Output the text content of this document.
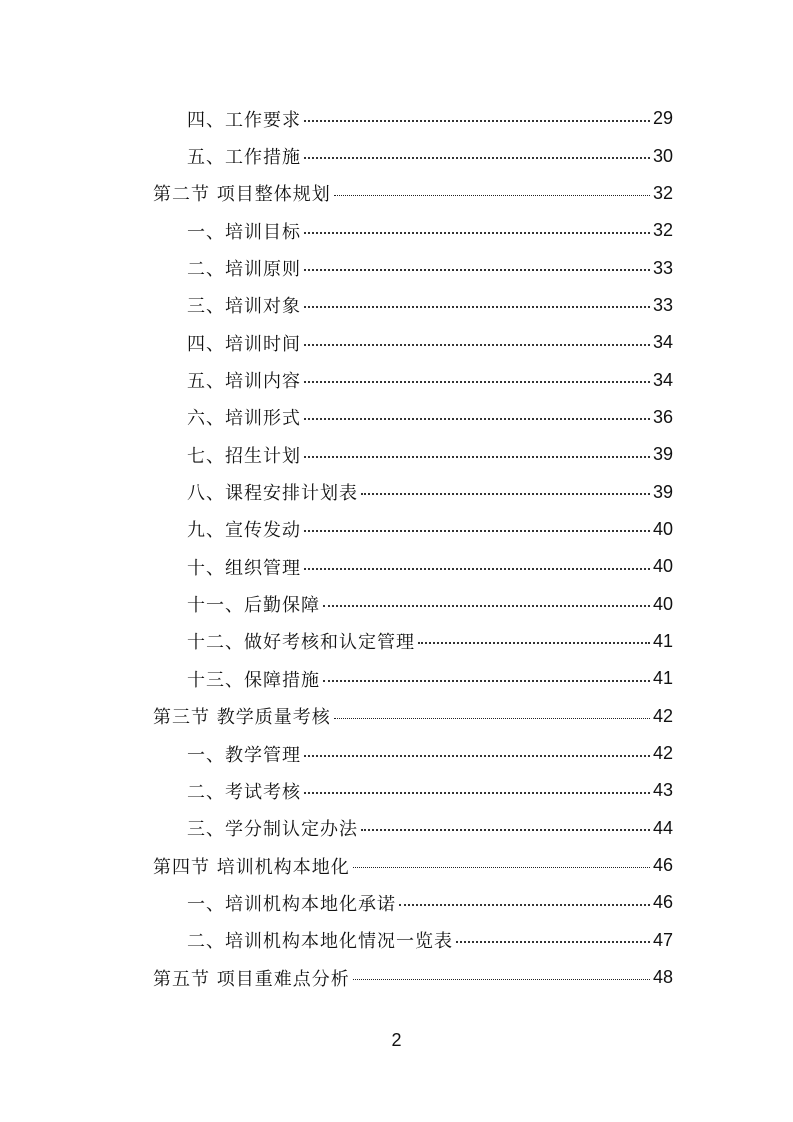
四、工作要求	29
五、工作措施	30
第二节 项目整体规划	32
一、培训目标	32
二、培训原则	33
三、培训对象	33
四、培训时间	34
五、培训内容	34
六、培训形式	36
七、招生计划	39
八、课程安排计划表	39
九、宣传发动	40
十、组织管理	40
十一、后勤保障	40
十二、做好考核和认定管理	41
十三、保障措施	41
第三节 教学质量考核	42
一、教学管理	42
二、考试考核	43
三、学分制认定办法	44
第四节 培训机构本地化	46
一、培训机构本地化承诺	46
二、培训机构本地化情况一览表	47
第五节 项目重难点分析	48
2
